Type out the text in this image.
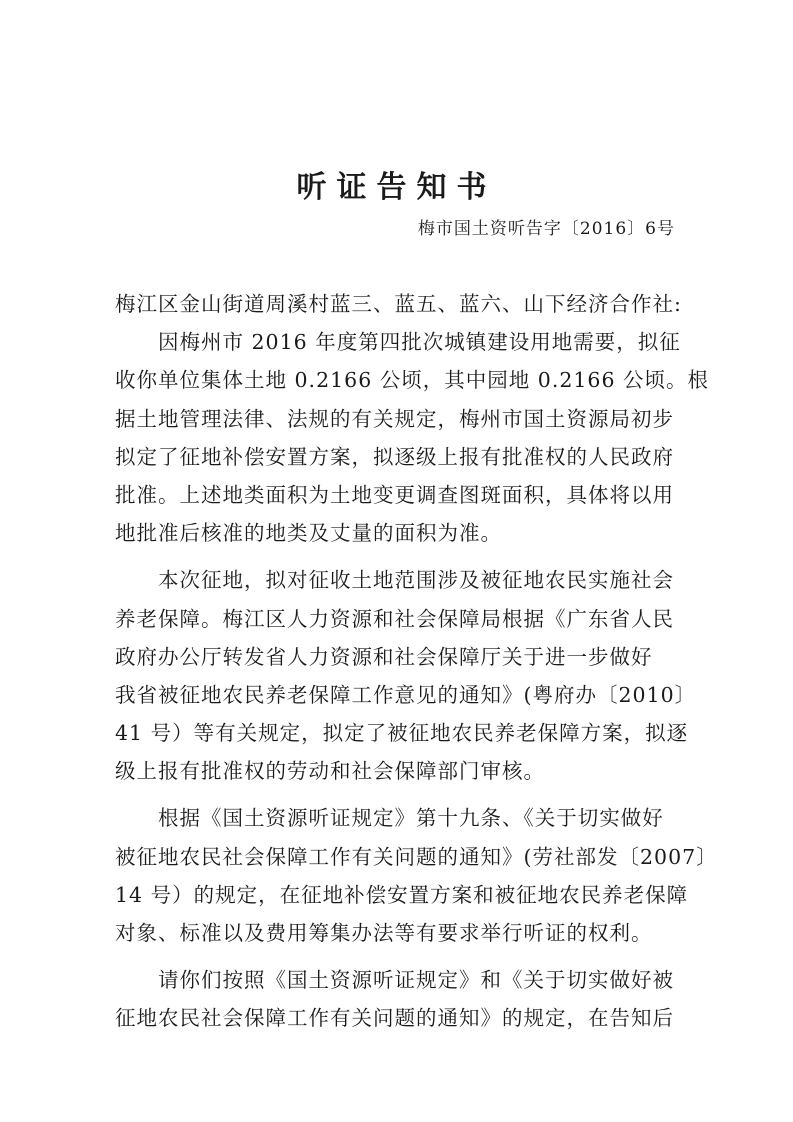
听证告知书
梅市国土资听告字〔2016〕6号
梅江区金山街道周溪村蓝三、蓝五、蓝六、山下经济合作社:
因梅州市 2016 年度第四批次城镇建设用地需要，拟征
收你单位集体土地 0.2166 公顷，其中园地 0.2166 公顷。根
据土地管理法律、法规的有关规定，梅州市国土资源局初步
拟定了征地补偿安置方案，拟逐级上报有批准权的人民政府
批准。上述地类面积为土地变更调查图斑面积，具体将以用
地批准后核准的地类及丈量的面积为准。
本次征地，拟对征收土地范围涉及被征地农民实施社会
养老保障。梅江区人力资源和社会保障局根据《广东省人民
政府办公厅转发省人力资源和社会保障厅关于进一步做好
我省被征地农民养老保障工作意见的通知》(粤府办〔2010〕
41 号）等有关规定，拟定了被征地农民养老保障方案，拟逐
级上报有批准权的劳动和社会保障部门审核。
根据《国土资源听证规定》第十九条、《关于切实做好
被征地农民社会保障工作有关问题的通知》(劳社部发〔2007〕
14 号）的规定，在征地补偿安置方案和被征地农民养老保障
对象、标准以及费用筹集办法等有要求举行听证的权利。
请你们按照《国土资源听证规定》和《关于切实做好被
征地农民社会保障工作有关问题的通知》的规定，在告知后
